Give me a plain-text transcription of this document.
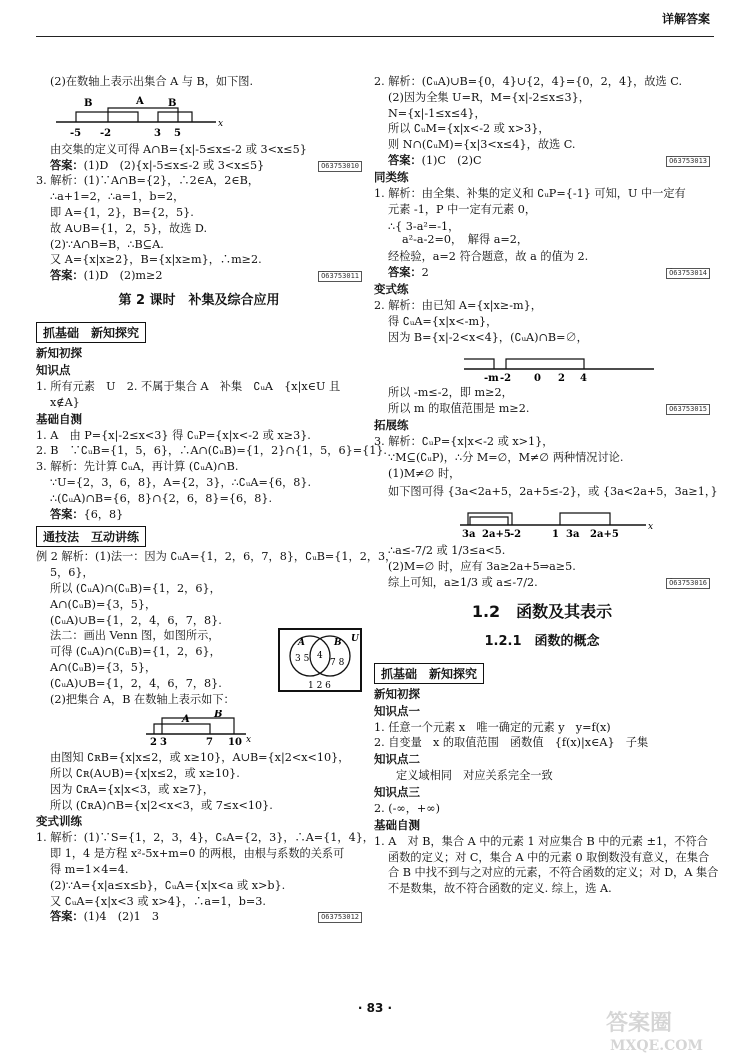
详解答案
(2)在数轴上表示出集合 A 与 B，如下图.
B	A B
-5 -2	3 5
x
由交集的定义可得 A∩B={x|-5≤x≤-2 或 3<x≤5}
答案：(1)D　(2){x|-5≤x≤-2 或 3<x≤5}	Ō63753010
3. 解析：(1)∵A∩B={2}，∴2∈A，2∈B，
∴a+1=2，∴a=1，b=2，
即 A={1，2}，B={2，5}.
故 A∪B={1，2，5}，故选 D.
(2)∵A∩B=B，∴B⊆A.
又 A={x|x≥2}，B={x|x≥m}，∴m≥2.
答案：(1)D　(2)m≥2	Ō63753011
第 2 课时　补集及综合应用
抓基础　新知探究
新知初探
知识点
1. 所有元素　U　2. 不属于集合 A　补集　∁ᵤA　{x|x∈U 且
x∉A}
基础自测
1. A　由 P={x|-2≤x<3} 得 ∁ᵤP={x|x<-2 或 x≥3}.
2. B　∵∁ᵤB={1，5，6}，∴A∩(∁ᵤB)={1，2}∩{1，5，6}={1}.
3. 解析：先计算 ∁ᵤA，再计算 (∁ᵤA)∩B.
∵U={2，3，6，8}，A={2，3}，∴∁ᵤA={6，8}.
∴(∁ᵤA)∩B={6，8}∩{2，6，8}={6，8}.
答案：{6，8}
通技法　互动讲练
例 2 解析：(1)法一：因为 ∁ᵤA={1，2，6，7，8}，∁ᵤB={1，2，3，
5，6}，
所以 (∁ᵤA)∩(∁ᵤB)={1，2，6}，
A∩(∁ᵤB)={3，5}，
(∁ᵤA)∪B={1，2，4，6，7，8}.
法二：画出 Venn 图，如图所示，
可得 (∁ᵤA)∩(∁ᵤB)={1，2，6}，
A∩(∁ᵤB)={3，5}，
(∁ᵤA)∪B={1，2，4，6，7，8}.
A	B U
3 5 4
7 8
1 2 6
(2)把集合 A，B 在数轴上表示如下：
A B
2 3	7 10 x
由图知 ∁ʀB={x|x≤2，或 x≥10}，A∪B={x|2<x<10}，
所以 ∁ʀ(A∪B)={x|x≤2，或 x≥10}.
因为 ∁ʀA={x|x<3，或 x≥7}，
所以 (∁ʀA)∩B={x|2<x<3，或 7≤x<10}.
变式训练
1. 解析：(1)∵S={1，2，3，4}，∁ₛA={2，3}，∴A={1，4}，
即 1，4 是方程 x²-5x+m=0 的两根，由根与系数的关系可
得 m=1×4=4.
(2)∵A={x|a≤x≤b}，∁ᵤA={x|x<a 或 x>b}.
又 ∁ᵤA={x|x<3 或 x>4}，∴a=1，b=3.
答案：(1)4　(2)1　3	Ō63753012
2. 解析：(∁ᵤA)∪B={0，4}∪{2，4}={0，2，4}，故选 C.
(2)因为全集 U=R，M={x|-2≤x≤3}，
N={x|-1≤x≤4}，
所以 ∁ᵤM={x|x<-2 或 x>3}，
则 N∩(∁ᵤM)={x|3<x≤4}，故选 C.
答案：(1)C　(2)C	Ō63753013
同类练
1. 解析：由全集、补集的定义和 ∁ᵤP={-1} 可知，U 中一定有
元素 -1，P 中一定有元素 0，
∴{ 3-a²=-1，
a²-a-2=0，　 解得 a=2，
经检验，a=2 符合题意，故 a 的值为 2.
答案：2	Ō63753014
变式练
2. 解析：由已知 A={x|x≥-m}，
得 ∁ᵤA={x|x<-m}，
因为 B={x|-2<x<4}，(∁ᵤA)∩B=∅，
-m -2 0 2 4
所以 -m≤-2，即 m≥2，
所以 m 的取值范围是 m≥2.	Ō63753015
拓展练
3. 解析：∁ᵤP={x|x<-2 或 x>1}，
∵M⊆(∁ᵤP)，∴分 M=∅，M≠∅ 两种情况讨论.
(1)M≠∅ 时，
如下图可得 {3a<2a+5，2a+5≤-2}，或 {3a<2a+5，3a≥1，}
3a 2a+5 -2	1 3a 2a+5
x
∴a≤-7/2 或 1/3≤a<5.
(2)M=∅ 时，应有 3a≥2a+5⇒a≥5.
综上可知，a≥1/3 或 a≤-7/2.	Ō63753016
1.2　函数及其表示
1.2.1　函数的概念
抓基础　新知探究
新知初探
知识点一
1. 任意一个元素 x　唯一确定的元素 y　y=f(x)
2. 自变量　x 的取值范围　函数值　{f(x)|x∈A}　子集
知识点二
定义域相同　对应关系完全一致
知识点三
2. (-∞，+∞)
基础自测
1. A　对 B，集合 A 中的元素 1 对应集合 B 中的元素 ±1，不符合
函数的定义；对 C，集合 A 中的元素 0 取倒数没有意义，在集合
合 B 中找不到与之对应的元素，不符合函数的定义；对 D，A 集合
不是数集，故不符合函数的定义. 综上，选 A.
· 83 ·
答案圈
MXQE.COM
